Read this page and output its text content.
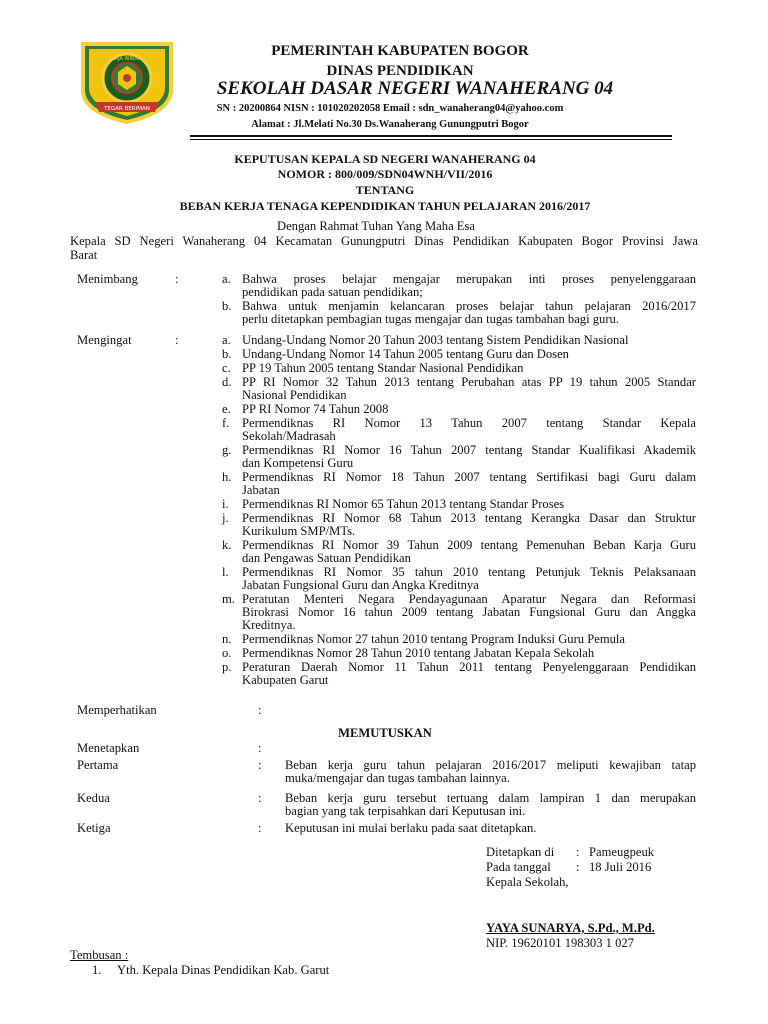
PRAJA WIBAWA
TEGAR BERIMAN
PEMERINTAH KABUPATEN BOGOR
DINAS PENDIDIKAN
SEKOLAH DASAR NEGERI WANAHERANG 04
SN : 20200864 NISN : 101020202058 Email : sdn_wanaherang04@yahoo.com
Alamat : Jl.Melati No.30 Ds.Wanaherang Gunungputri Bogor
KEPUTUSAN KEPALA SD NEGERI WANAHERANG 04
NOMOR : 800/009/SDN04WNH/VII/2016
TENTANG
BEBAN KERJA TENAGA KEPENDIDIKAN TAHUN PELAJARAN 2016/2017
Dengan Rahmat Tuhan Yang Maha Esa
Kepala SD Negeri Wanaherang 04 Kecamatan Gunungputri Dinas Pendidikan Kabupaten Bogor Provinsi Jawa
Barat
Menimbang	:	a. Bahwa proses belajar mengajar merupakan inti proses penyelenggaraan
pendidikan pada satuan pendidikan;
b. Bahwa untuk menjamin kelancaran proses belajar tahun pelajaran 2016/2017
perlu ditetapkan pembagian tugas mengajar dan tugas tambahan bagi guru.
Mengingat	:	a. Undang-Undang Nomor 20 Tahun 2003 tentang Sistem Pendidikan Nasional
b. Undang-Undang Nomor 14 Tahun 2005 tentang Guru dan Dosen
c. PP 19 Tahun 2005 tentang Standar Nasional Pendidikan
d. PP RI Nomor 32 Tahun 2013 tentang Perubahan atas PP 19 tahun 2005 Standar
Nasional Pendidikan
e. PP RI Nomor 74 Tahun 2008
f. Permendiknas RI Nomor 13 Tahun 2007 tentang Standar Kepala
Sekolah/Madrasah
g. Permendiknas RI Nomor 16 Tahun 2007 tentang Standar Kualifikasi Akademik
dan Kompetensi Guru
h. Permendiknas RI Nomor 18 Tahun 2007 tentang Sertifikasi bagi Guru dalam
Jabatan
i. Permendiknas RI Nomor 65 Tahun 2013 tentang Standar Proses
j. Permendiknas RI Nomor 68 Tahun 2013 tentang Kerangka Dasar dan Struktur
Kurikulum SMP/MTs.
k. Permendiknas RI Nomor 39 Tahun 2009 tentang Pemenuhan Beban Karja Guru
dan Pengawas Satuan Pendidikan
l. Permendiknas RI Nomor 35 tahun 2010 tentang Petunjuk Teknis Pelaksanaan
Jabatan Fungsional Guru dan Angka Kreditnya
m. Peratutan Menteri Negara Pendayagunaan Aparatur Negara dan Reformasi
Birokrasi Nomor 16 tahun 2009 tentang Jabatan Fungsional Guru dan Anggka
Kreditnya.
n. Permendiknas Nomor 27 tahun 2010 tentang Program Induksi Guru Pemula
o. Permendiknas Nomor 28 Tahun 2010 tentang Jabatan Kepala Sekolah
p. Peraturan Daerah Nomor 11 Tahun 2011 tentang Penyelenggaraan Pendidikan
Kabupaten Garut
Memperhatikan	:
MEMUTUSKAN
Menetapkan	:
Pertama	: Beban kerja guru tahun pelajaran 2016/2017 meliputi kewajiban tatap
muka/mengajar dan tugas tambahan lainnya.
Kedua	: Beban kerja guru tersebut tertuang dalam lampiran 1 dan merupakan
bagian yang tak terpisahkan dari Keputusan ini.
Ketiga	: Keputusan ini mulai berlaku pada saat ditetapkan.
Ditetapkan di : Pameugpeuk
Pada tanggal : 18 Juli 2016
Kepala Sekolah,
YAYA SUNARYA, S.Pd., M.Pd.
NIP. 19620101 198303 1 027
Tembusan :
1. Yth. Kepala Dinas Pendidikan Kab. Garut
